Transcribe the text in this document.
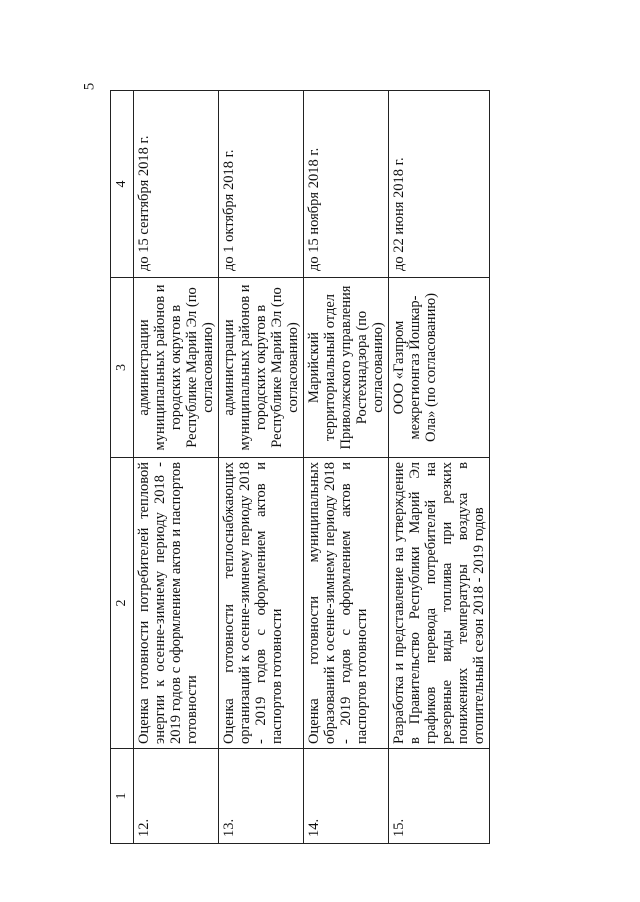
5
1	2	3	4
12.	Оценка готовности потребителей тепловой энергии к осенне-зимнему периоду 2018 - 2019 годов с оформлением актов и паспортов готовности	администрации муниципальных районов и городских округов в Республике Марий Эл (по согласованию)	до 15 сентября 2018 г.
13.	Оценка готовности теплоснабжающих организаций к осенне-зимнему периоду 2018 - 2019 годов с оформлением актов и паспортов готовности	администрации муниципальных районов и городских округов в Республике Марий Эл (по согласованию)	до 1 октября 2018 г.
14.	Оценка готовности муниципальных образований к осенне-зимнему периоду 2018 - 2019 годов с оформлением актов и паспортов готовности	Марийский территориальный отдел Приволжского управления Ростехнадзора (по согласованию)	до 15 ноября 2018 г.
15.	Разработка и представление на утверждение в Правительство Республики Марий Эл графиков перевода потребителей на резервные виды топлива при резких понижениях температуры воздуха в отопительный сезон 2018 - 2019 годов	ООО «Газпром межрегионгаз Йошкар-Ола» (по согласованию)	до 22 июня 2018 г.
